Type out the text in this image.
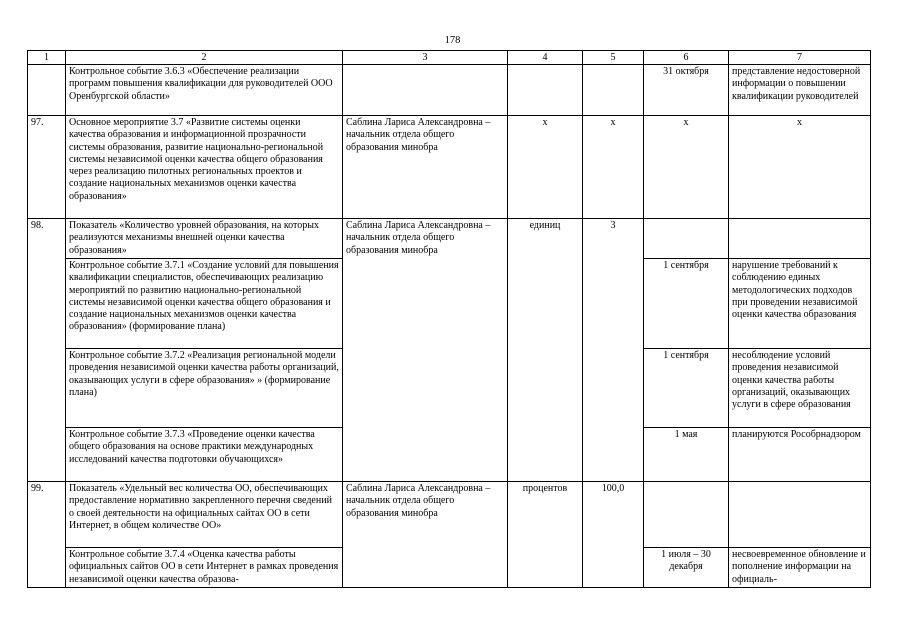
178
1	2	3	4	5	6	7
	Контрольное событие 3.6.3 «Обеспечение реализации программ повышения квалификации для руководителей ООО Оренбургской области»				31 октября	представление недостоверной информации о повышении квалификации руководителей
97.	Основное мероприятие 3.7 «Развитие системы оценки качества образования и информационной прозрачности системы образования, развитие национально-региональной системы независимой оценки качества общего образования через реализацию пилотных региональных проектов и создание национальных механизмов оценки качества образования»	Саблина Лариса Александровна – начальник отдела общего образования минобра	х	х	х	х
98.	Показатель «Количество уровней образования, на которых реализуются механизмы внешней оценки качества образования»	Саблина Лариса Александровна – начальник отдела общего образования минобра	единиц	3		
	Контрольное событие 3.7.1 «Создание условий для повышения квалификации специалистов, обеспечивающих реализацию мероприятий по развитию национально-региональной системы независимой оценки качества общего образования и создание национальных механизмов оценки качества образования» (формирование плана)				1 сентября	нарушение требований к соблюдению единых методологических подходов при проведении независимой оценки качества образования
	Контрольное событие 3.7.2 «Реализация региональной модели проведения независимой оценки качества работы организаций, оказывающих услуги в сфере образования» » (формирование плана)				1 сентября	несоблюдение условий проведения независимой оценки качества работы организаций, оказывающих услуги в сфере образования
	Контрольное событие 3.7.3 «Проведение оценки качества общего образования на основе практики международных исследований качества подготовки обучающихся»				1 мая	планируются Рособрнадзором
99.	Показатель «Удельный вес количества ОО, обеспечивающих предоставление нормативно закрепленного перечня сведений о своей деятельности на официальных сайтах ОО в сети Интернет, в общем количестве ОО»	Саблина Лариса Александровна – начальник отдела общего образования минобра	процентов	100,0		
	Контрольное событие 3.7.4 «Оценка качества работы официальных сайтов ОО в сети Интернет в рамках проведения независимой оценки качества образова-				1 июля – 30 декабря	несвоевременное обновление и пополнение информации на официаль-
